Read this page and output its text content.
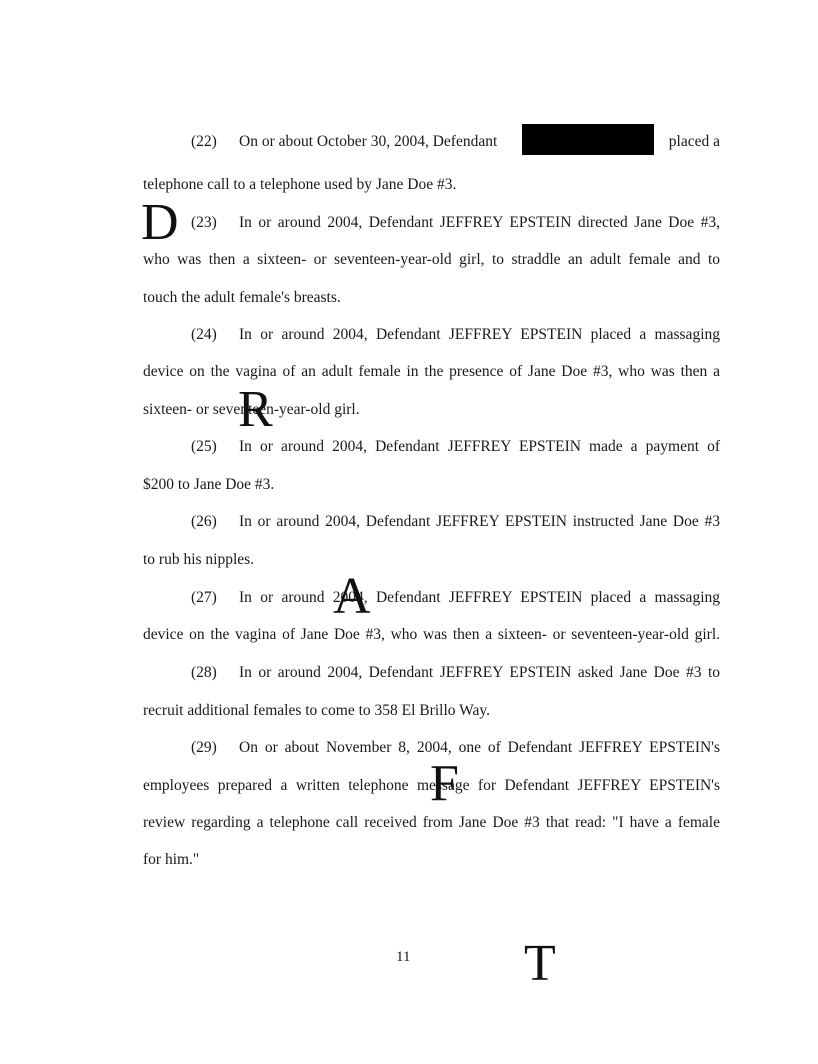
(22) On or about October 30, 2004, Defendant	placed a
telephone call to a telephone used by Jane Doe #3.
(23) In or around 2004, Defendant JEFFREY EPSTEIN directed Jane Doe #3,
who was then a sixteen- or seventeen-year-old girl, to straddle an adult female and to
touch the adult female's breasts.
(24) In or around 2004, Defendant JEFFREY EPSTEIN placed a massaging
device on the vagina of an adult female in the presence of Jane Doe #3, who was then a
sixteen- or seventeen-year-old girl.
(25) In or around 2004, Defendant JEFFREY EPSTEIN made a payment of
$200 to Jane Doe #3.
(26) In or around 2004, Defendant JEFFREY EPSTEIN instructed Jane Doe #3
to rub his nipples.
(27) In or around 2004, Defendant JEFFREY EPSTEIN placed a massaging
device on the vagina of Jane Doe #3, who was then a sixteen- or seventeen-year-old girl.
(28) In or around 2004, Defendant JEFFREY EPSTEIN asked Jane Doe #3 to
recruit additional females to come to 358 El Brillo Way.
(29) On or about November 8, 2004, one of Defendant JEFFREY EPSTEIN's
employees prepared a written telephone message for Defendant JEFFREY EPSTEIN's
review regarding a telephone call received from Jane Doe #3 that read: "I have a female
for him."
D
R
A
F
T
11
